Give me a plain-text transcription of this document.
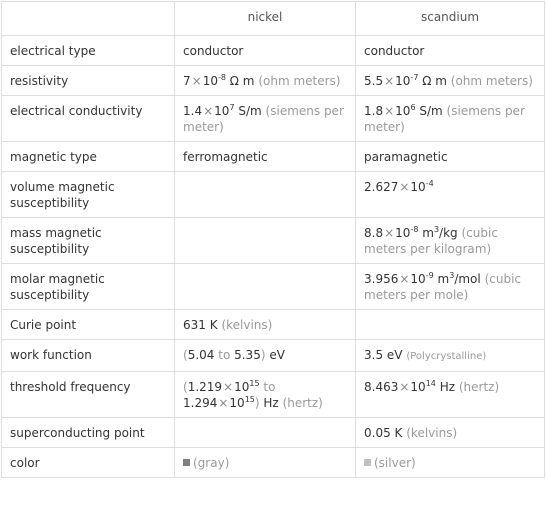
	nickel	scandium
electrical type	conductor	conductor
resistivity	$7\times 10^{-8}$ Ω m (ohm meters)	$5.5\times 10^{-7}$ Ω m (ohm meters)
electrical conductivity	$1.4\times 10^7$ S/m (siemens per meter)	$1.8\times 10^6$ S/m (siemens per meter)
magnetic type	ferromagnetic	paramagnetic
volume magnetic susceptibility		$2.627\times 10^{-4}$
mass magnetic susceptibility		$8.8\times 10^{-8}$ $m^3/kg$ (cubic meters per kilogram)
molar magnetic susceptibility		$3.956\times 10^{-9}$ $m^3$/mol (cubic meters per mole)
Curie point	631 K (kelvins)	
work function	(5.04 to 5.35) eV	3.5 eV (Polycrystalline)
threshold frequency	($1.219\times 10^{15}$ to $1.294\times 10^{15}$) Hz (hertz)	$8.463\times 10^{14}$ Hz (hertz)
superconducting point		0.05 K (kelvins)
color	(gray)	(silver)
